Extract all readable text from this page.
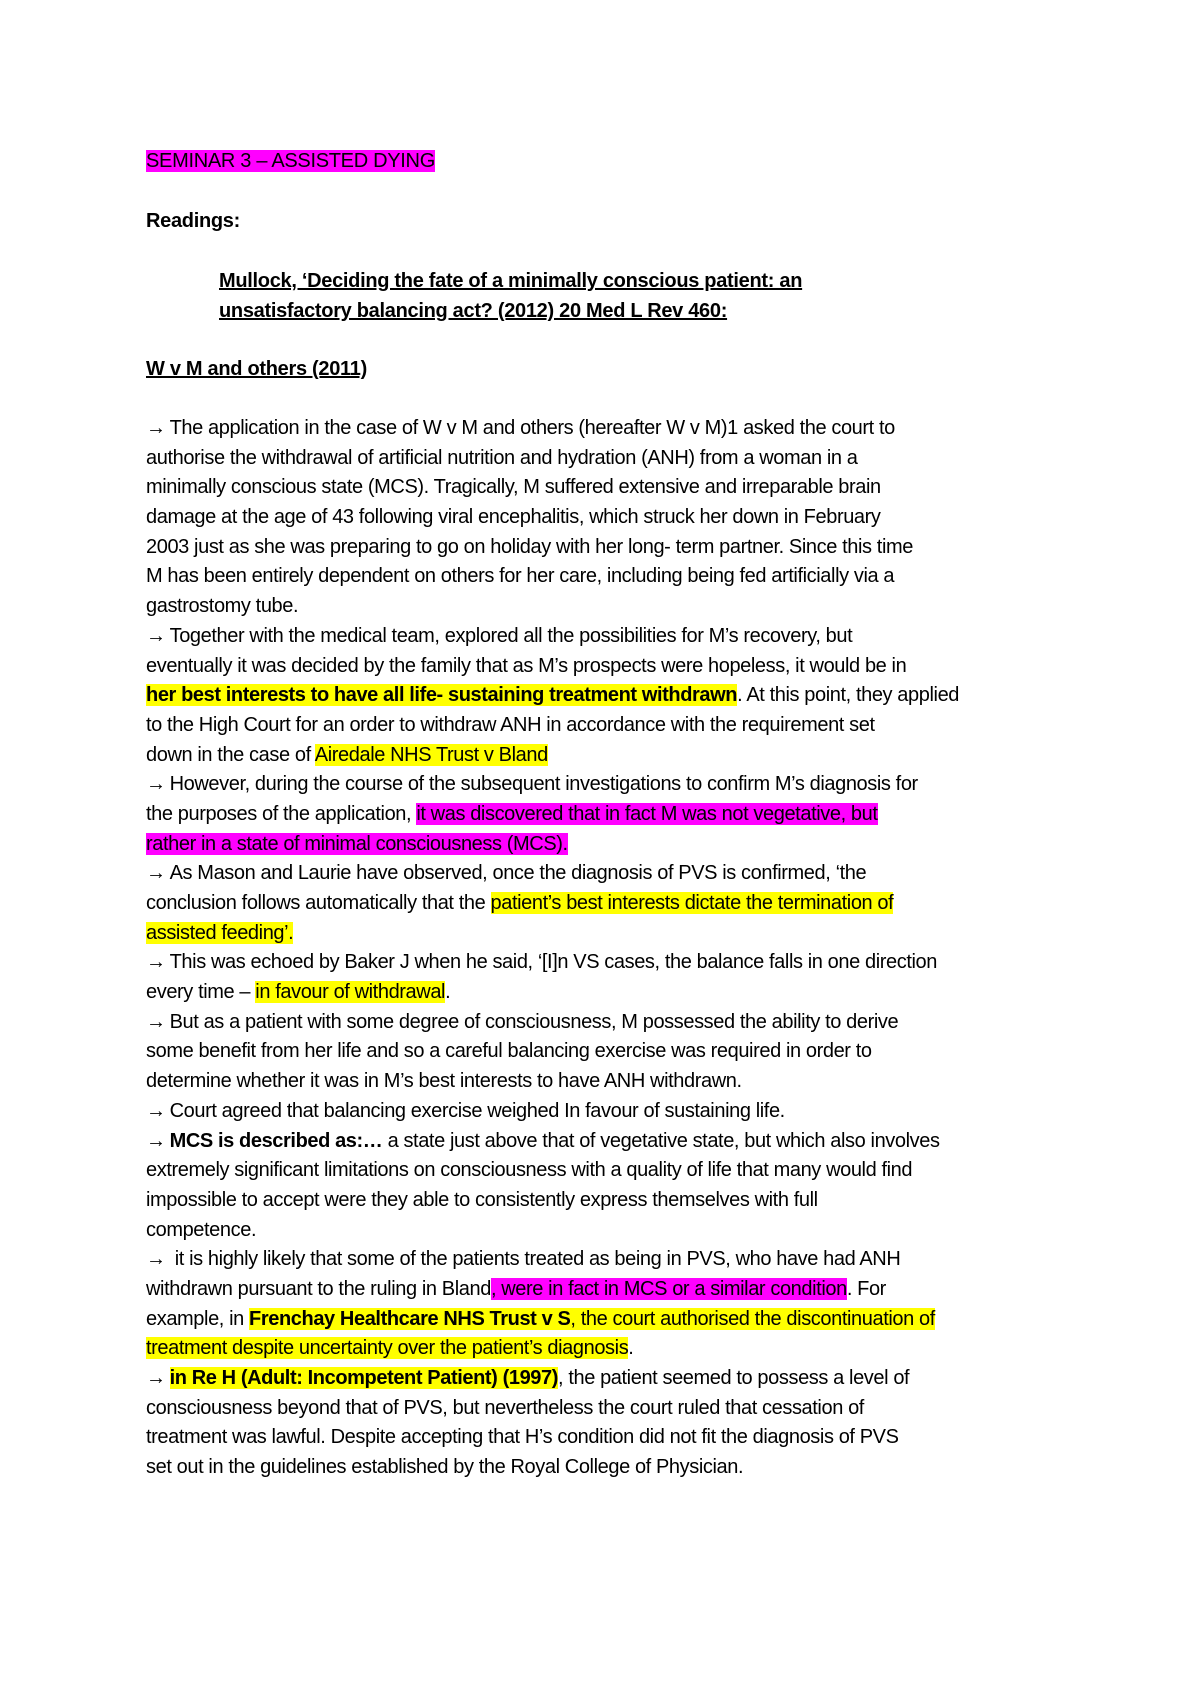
SEMINAR 3 – ASSISTED DYING
Readings:
Mullock, ‘Deciding the fate of a minimally conscious patient: an
unsatisfactory balancing act? (2012) 20 Med L Rev 460:
W v M and others (2011)
→ The application in the case of W v M and others (hereafter W v M)1 asked the court to
authorise the withdrawal of artificial nutrition and hydration (ANH) from a woman in a
minimally conscious state (MCS). Tragically, M suffered extensive and irreparable brain
damage at the age of 43 following viral encephalitis, which struck her down in February
2003 just as she was preparing to go on holiday with her long- term partner. Since this time
M has been entirely dependent on others for her care, including being fed artificially via a
gastrostomy tube.
→ Together with the medical team, explored all the possibilities for M’s recovery, but
eventually it was decided by the family that as M’s prospects were hopeless, it would be in
her best interests to have all life- sustaining treatment withdrawn. At this point, they applied
to the High Court for an order to withdraw ANH in accordance with the requirement set
down in the case of Airedale NHS Trust v Bland
→ However, during the course of the subsequent investigations to confirm M’s diagnosis for
the purposes of the application, it was discovered that in fact M was not vegetative, but
rather in a state of minimal consciousness (MCS).
→ As Mason and Laurie have observed, once the diagnosis of PVS is confirmed, ‘the
conclusion follows automatically that the patient’s best interests dictate the termination of
assisted feeding’.
→ This was echoed by Baker J when he said, ‘[I]n VS cases, the balance falls in one direction
every time – in favour of withdrawal.
→ But as a patient with some degree of consciousness, M possessed the ability to derive
some benefit from her life and so a careful balancing exercise was required in order to
determine whether it was in M’s best interests to have ANH withdrawn.
→ Court agreed that balancing exercise weighed In favour of sustaining life.
→ MCS is described as:… a state just above that of vegetative state, but which also involves
extremely significant limitations on consciousness with a quality of life that many would find
impossible to accept were they able to consistently express themselves with full
competence.
→ it is highly likely that some of the patients treated as being in PVS, who have had ANH
withdrawn pursuant to the ruling in Bland, were in fact in MCS or a similar condition. For
example, in Frenchay Healthcare NHS Trust v S, the court authorised the discontinuation of
treatment despite uncertainty over the patient’s diagnosis.
→ in Re H (Adult: Incompetent Patient) (1997), the patient seemed to possess a level of
consciousness beyond that of PVS, but nevertheless the court ruled that cessation of
treatment was lawful. Despite accepting that H’s condition did not fit the diagnosis of PVS
set out in the guidelines established by the Royal College of Physician.
